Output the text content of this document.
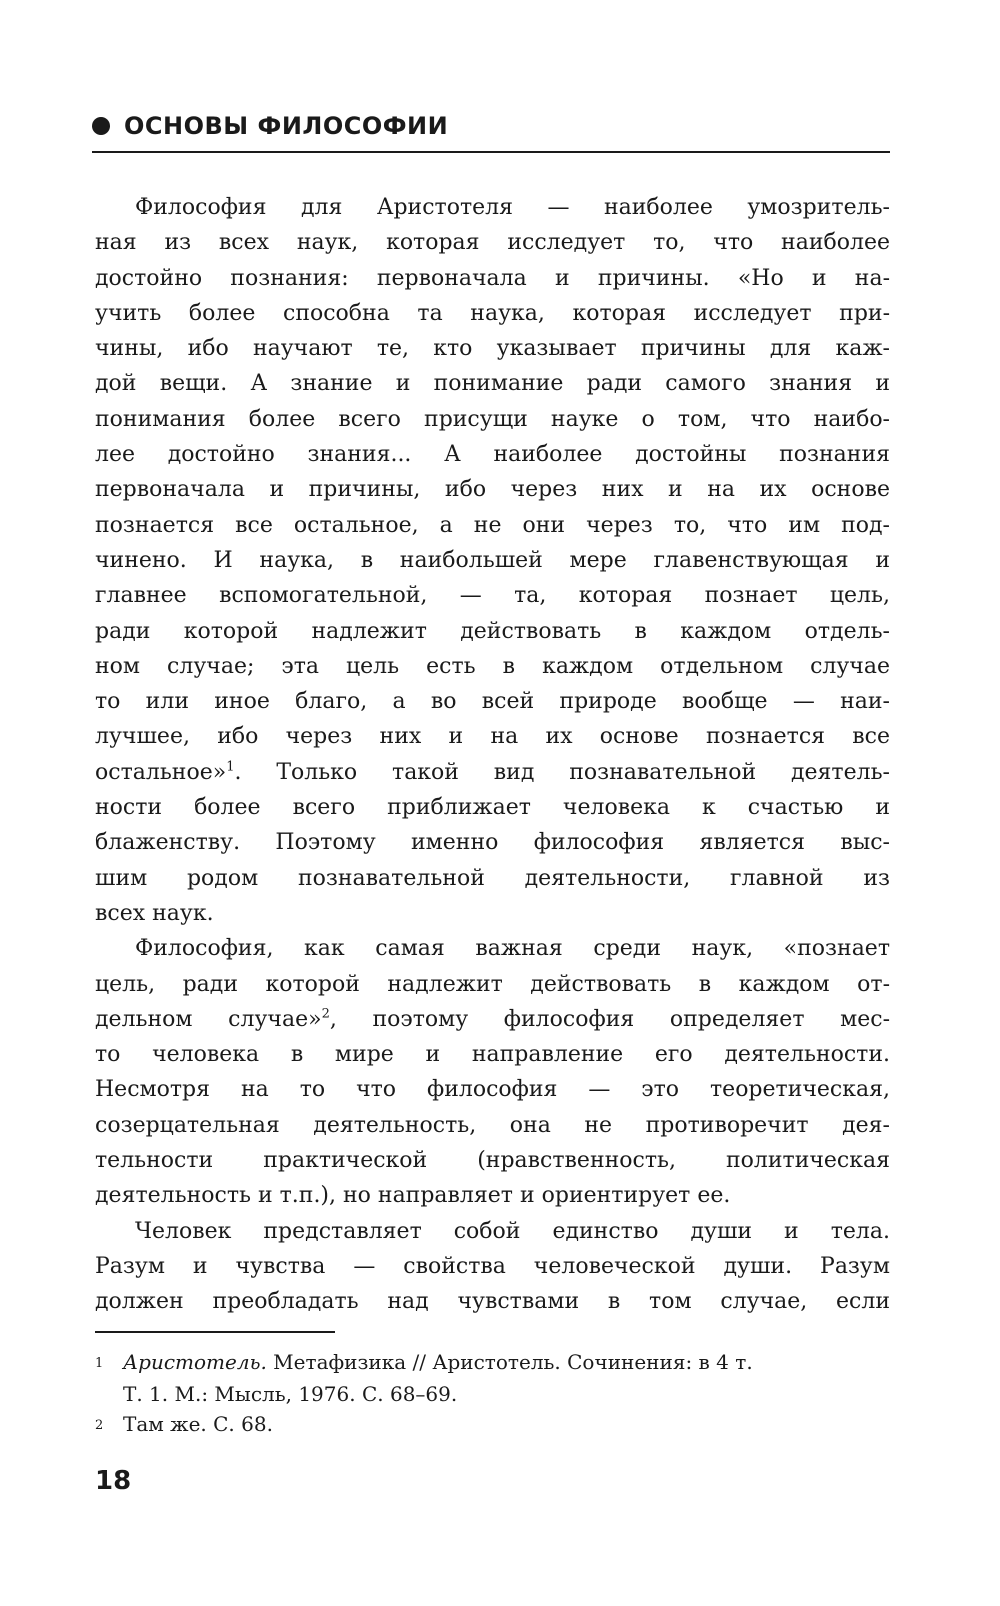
ОСНОВЫ ФИЛОСОФИИ
Философия для Аристотеля — наиболее умозритель-
ная из всех наук, которая исследует то, что наиболее
достойно познания: первоначала и причины. «Но и на-
учить более способна та наука, которая исследует при-
чины, ибо научают те, кто указывает причины для каж-
дой вещи. А знание и понимание ради самого знания и
понимания более всего присущи науке о том, что наибо-
лее достойно знания... А наиболее достойны познания
первоначала и причины, ибо через них и на их основе
познается все остальное, а не они через то, что им под-
чинено. И наука, в наибольшей мере главенствующая и
главнее вспомогательной, — та, которая познает цель,
ради которой надлежит действовать в каждом отдель-
ном случае; эта цель есть в каждом отдельном случае
то или иное благо, а во всей природе вообще — наи-
лучшее, ибо через них и на их основе познается все
остальное»$^1$. Только такой вид познавательной деятель-
ности более всего приближает человека к счастью и
блаженству. Поэтому именно философия является выс-
шим родом познавательной деятельности, главной из
всех наук.
Философия, как самая важная среди наук, «познает
цель, ради которой надлежит действовать в каждом от-
дельном случае»$^2$, поэтому философия определяет мес-
то человека в мире и направление его деятельности.
Несмотря на то что философия — это теоретическая,
созерцательная деятельность, она не противоречит дея-
тельности практической (нравственность, политическая
деятельность и т.п.), но направляет и ориентирует ее.
Человек представляет собой единство души и тела.
Разум и чувства — свойства человеческой души. Разум
должен преобладать над чувствами в том случае, если
1 Аристотель. Метафизика // Аристотель. Сочинения: в 4 т.
Т. 1. М.: Мысль, 1976. С. 68–69.
2 Там же. С. 68.
18
